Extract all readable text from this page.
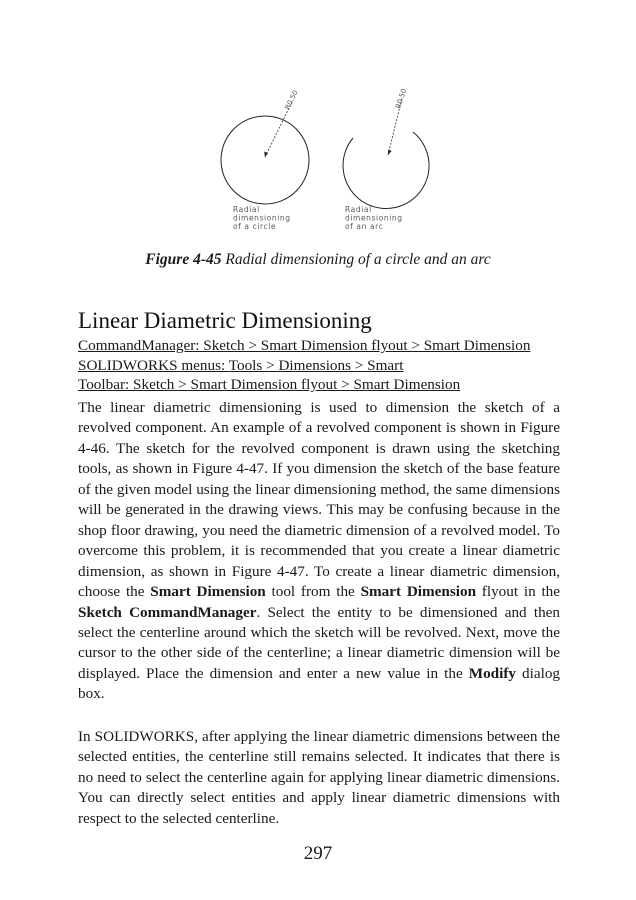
R0.50
Radial dimensioning of a circle
R0.50
Radial dimensioning of an arc
Figure 4-45 Radial dimensioning of a circle and an arc
Linear Diametric Dimensioning
CommandManager: Sketch > Smart Dimension flyout > Smart Dimension
SOLIDWORKS menus: Tools > Dimensions > Smart
Toolbar: Sketch > Smart Dimension flyout > Smart Dimension

The linear diametric dimensioning is used to dimension the sketch of a revolved component. An example of a revolved component is shown in Figure 4-46. The sketch for the revolved component is drawn using the sketching tools, as shown in Figure 4-47. If you dimension the sketch of the base feature of the given model using the linear dimensioning method, the same dimensions will be generated in the drawing views. This may be confusing because in the shop floor drawing, you need the diametric dimension of a revolved model. To overcome this problem, it is recommended that you create a linear diametric dimension, as shown in Figure 4-47. To create a linear diametric dimension, choose the Smart Dimension tool from the Smart Dimension flyout in the Sketch CommandManager. Select the entity to be dimensioned and then select the centerline around which the sketch will be revolved. Next, move the cursor to the other side of the centerline; a linear diametric dimension will be displayed. Place the dimension and enter a new value in the Modify dialog box.

In SOLIDWORKS, after applying the linear diametric dimensions between the selected entities, the centerline still remains selected. It indicates that there is no need to select the centerline again for applying linear diametric dimensions. You can directly select entities and apply linear diametric dimensions with respect to the selected centerline.

297
